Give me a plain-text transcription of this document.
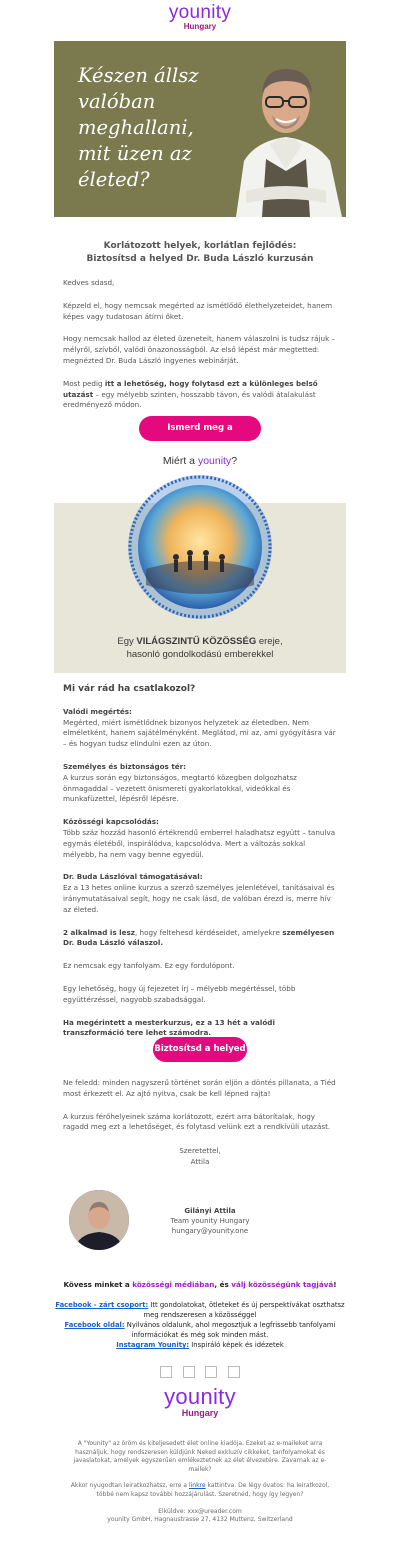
younity
Hungary
Készen állsz
valóban
meghallani,
mit üzen az
életed?
Korlátozott helyek, korlátlan fejlődés:
Biztosítsd a helyed Dr. Buda László kurzusán

Kedves sdasd,

Képzeld el, hogy nemcsak megérted az ismétlődő élethelyzeteidet, hanem képes vagy tudatosan átírni őket.

Hogy nemcsak hallod az életed üzeneteit, hanem válaszolni is tudsz rájuk – mélyről, szívből, valódi önazonosságból. Az első lépést már megtetted: megnézted Dr. Buda László ingyenes webinárját.

Most pedig itt a lehetőség, hogy folytasd ezt a különleges belső utazást – egy mélyebb szinten, hosszabb távon, és valódi átalakulást eredményező módon.

Ismerd meg a
Miért a younity?
Egy VILÁGSZINTŰ KÖZÖSSÉG ereje,
hasonló gondolkodású emberekkel

Mi vár rád ha csatlakozol?

Valódi megértés:

Megérted, miért ismétlődnek bizonyos helyzetek az életedben. Nem elméletként, hanem sajátélményként. Meglátod, mi az, ami gyógyításra vár – és hogyan tudsz elindulni ezen az úton.

Személyes és biztonságos tér:

A kurzus során egy biztonságos, megtartó közegben dolgozhatsz önmagaddal – vezetett önismereti gyakorlatokkal, videókkal és munkafüzettel, lépésről lépésre.

Közösségi kapcsolódás:

Több száz hozzád hasonló értékrendű emberrel haladhatsz együtt – tanulva egymás életéből, inspirálódva, kapcsolódva. Mert a változás sokkal mélyebb, ha nem vagy benne egyedül.

Dr. Buda Lászlóval támogatásával:

Ez a 13 hetes online kurzus a szerző személyes jelenlétével, tanításaival és iránymutatásaival segít, hogy ne csak lásd, de valóban érezd is, merre hív az életed.

2 alkalmad is lesz, hogy feltehesd kérdéseidet, amelyekre személyesen Dr. Buda László válaszol.

Ez nemcsak egy tanfolyam. Ez egy fordulópont.

Egy lehetőség, hogy új fejezetet írj – mélyebb megértéssel, több együttérzéssel, nagyobb szabadsággal.

Ha megérintett a mesterkurzus, ez a 13 hét a valódi transzformáció tere lehet számodra.

Biztosítsd a helyed

Ne feledd: minden nagyszerű történet során eljön a döntés pillanata, a Tiéd most érkezett el. Az ajtó nyitva, csak be kell lépned rajta!

A kurzus férőhelyeinek száma korlátozott, ezért arra bátorítalak, hogy ragadd meg ezt a lehetőséget, és folytasd velünk ezt a rendkívüli utazást.

Szeretettel,
Attila
Gilányi Attila
Team younity Hungary
hungary@younity.one
Kövess minket a közösségi médiában, és válj közösségünk tagjává!
Facebook - zárt csoport: Itt gondolatokat, ötleteket és új perspektívákat oszthatsz meg rendszeresen a közösséggel
Facebook oldal: Nyilvános oldalunk, ahol megosztjuk a legfrissebb tanfolyami információkat és még sok minden mást.
Instagram Younity: Inspiráló képek és idézetek
younity
Hungary

A "Younity" az öröm és kiteljesedett élet online kiadója. Ezeket az e-maileket arra használjuk, hogy rendszeresen küldjünk Neked exkluzív cikkeket, tanfolyamokat és javaslatokat, amelyek egyszerűen emlékeztetnek az élet élvezetére. Zavarnak az e-mailek?

Akkor nyugodtan leiratkozhatsz, erre a linkre kattintva. De légy óvatos: ha leiratkozol, többé nem kapsz további hozzájárulást. Szeretnéd, hogy így legyen?

Elküldve: xxx@ureader.com

younity GmbH, Hagnaustrasse 27, 4132 Muttenz, Switzerland
